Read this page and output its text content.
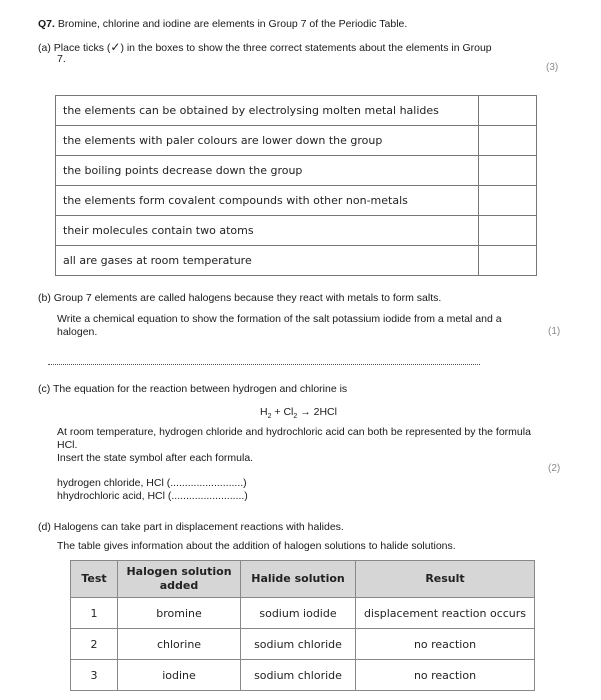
Q7. Bromine, chlorine and iodine are elements in Group 7 of the Periodic Table.
(a) Place ticks (✓) in the boxes to show the three correct statements about the elements in Group
7.
(3)
the elements can be obtained by electrolysing molten metal halides	
the elements with paler colours are lower down the group	
the boiling points decrease down the group	
the elements form covalent compounds with other non-metals	
their molecules contain two atoms	
all are gases at room temperature	
(b) Group 7 elements are called halogens because they react with metals to form salts.
Write a chemical equation to show the formation of the salt potassium iodide from a metal and a
halogen.	(1)
(c) The equation for the reaction between hydrogen and chlorine is
$H_2 + Cl_2 \to 2HCl$
At room temperature, hydrogen chloride and hydrochloric acid can both be represented by the formula
HCl.
Insert the state symbol after each formula.
(2)
hydrogen chloride, HCl (.........................)
hhydrochloric acid, HCl (.........................)
(d) Halogens can take part in displacement reactions with halides.
The table gives information about the addition of halogen solutions to halide solutions.
Test	Halogen solution added	Halide solution	Result
1	bromine	sodium iodide	displacement reaction occurs
2	chlorine	sodium chloride	no reaction
3	iodine	sodium chloride	no reaction
